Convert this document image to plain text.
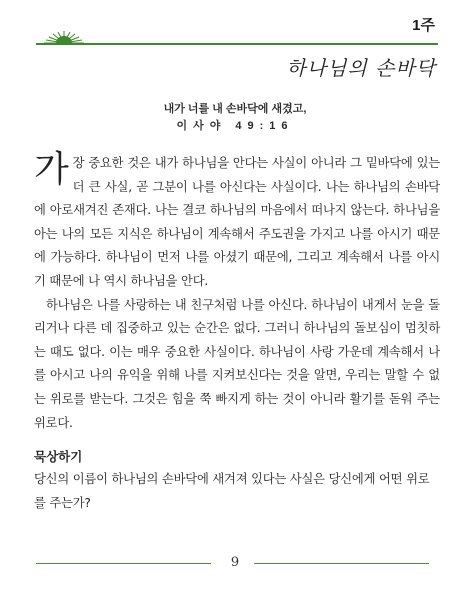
1주
하나님의 손바닥
내가 너를 내 손바닥에 새겼고,
이사야 49:16

가장 중요한 것은 내가 하나님을 안다는 사실이 아니라 그 밑바닥에 있는 더 큰 사실, 곧 그분이 나를 아신다는 사실이다. 나는 하나님의 손바닥에 아로새겨진 존재다. 나는 결코 하나님의 마음에서 떠나지 않는다. 하나님을 아는 나의 모든 지식은 하나님이 계속해서 주도권을 가지고 나를 아시기 때문에 가능하다. 하나님이 먼저 나를 아셨기 때문에, 그리고 계속해서 나를 아시기 때문에 나 역시 하나님을 안다.

하나님은 나를 사랑하는 내 친구처럼 나를 아신다. 하나님이 내게서 눈을 돌리거나 다른 데 집중하고 있는 순간은 없다. 그러니 하나님의 돌보심이 멈칫하는 때도 없다. 이는 매우 중요한 사실이다. 하나님이 사랑 가운데 계속해서 나를 아시고 나의 유익을 위해 나를 지켜보신다는 것을 알면, 우리는 말할 수 없는 위로를 받는다. 그것은 힘을 쭉 빠지게 하는 것이 아니라 활기를 돋워 주는 위로다.

묵상하기
당신의 이름이 하나님의 손바닥에 새겨져 있다는 사실은 당신에게 어떤 위로를 주는가?
9
